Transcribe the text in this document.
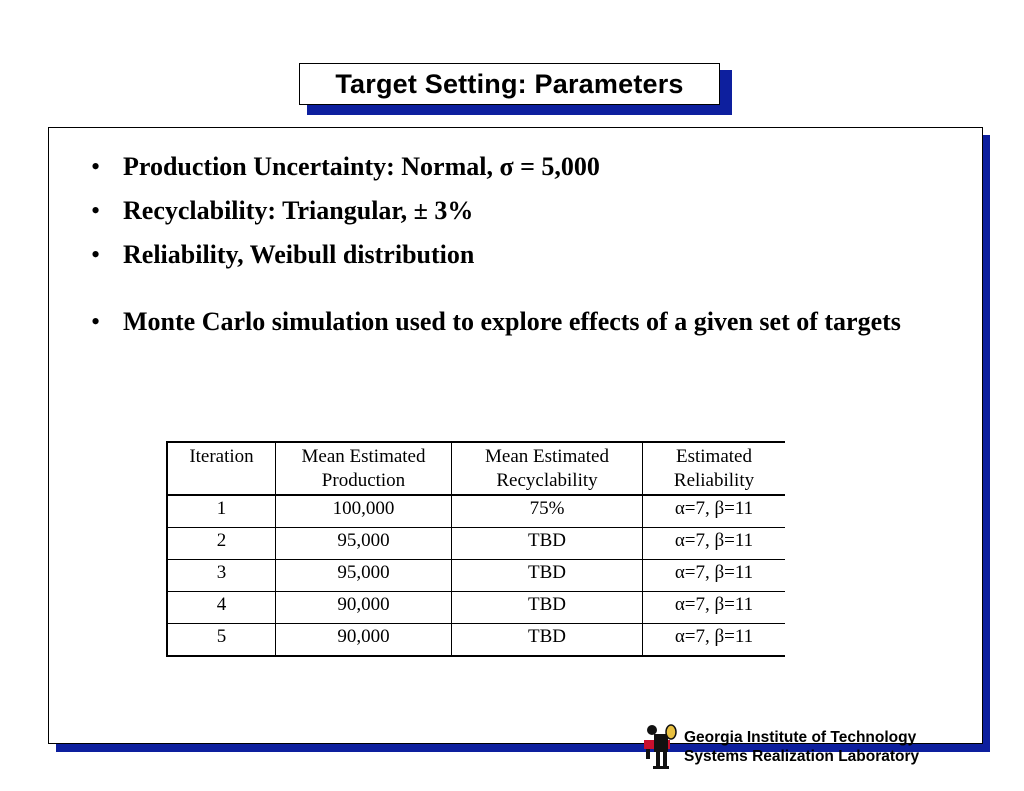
Target Setting: Parameters
• Production Uncertainty: Normal, σ = 5,000
• Recyclability: Triangular, ± 3%
• Reliability, Weibull distribution
• Monte Carlo simulation used to explore effects of a given set of targets
Iteration	Mean Estimated Production	Mean Estimated Recyclability	Estimated Reliability
1	100,000	75%	α=7, β=11
2	95,000	TBD	α=7, β=11
3	95,000	TBD	α=7, β=11
4	90,000	TBD	α=7, β=11
5	90,000	TBD	α=7, β=11
Georgia Institute of Technology
Systems Realization Laboratory
